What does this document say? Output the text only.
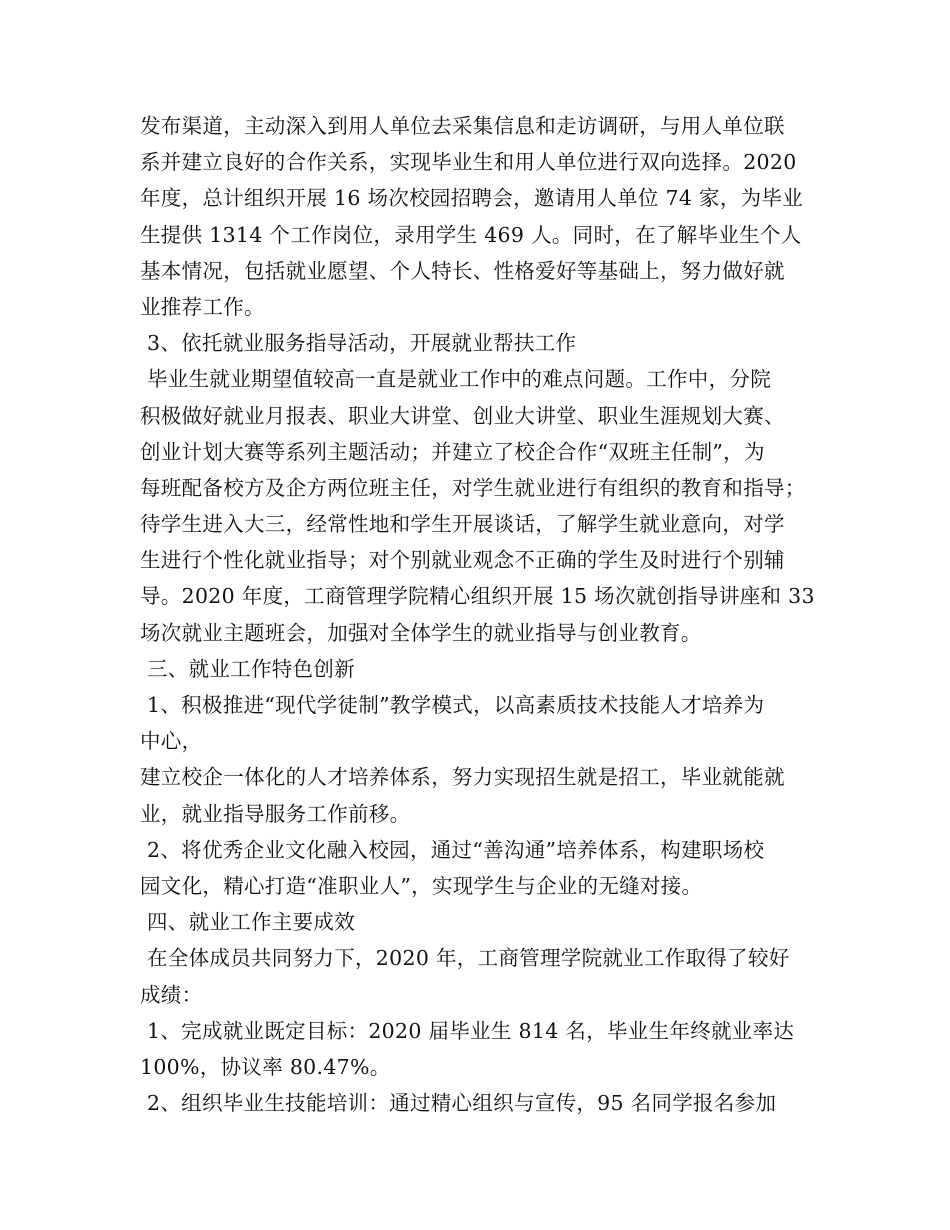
发布渠道，主动深入到用人单位去采集信息和走访调研，与用人单位联
系并建立良好的合作关系，实现毕业生和用人单位进行双向选择。2020
年度，总计组织开展 16 场次校园招聘会，邀请用人单位 74 家，为毕业
生提供 1314 个工作岗位，录用学生 469 人。同时，在了解毕业生个人
基本情况，包括就业愿望、个人特长、性格爱好等基础上，努力做好就
业推荐工作。
3、依托就业服务指导活动，开展就业帮扶工作
毕业生就业期望值较高一直是就业工作中的难点问题。工作中，分院
积极做好就业月报表、职业大讲堂、创业大讲堂、职业生涯规划大赛、
创业计划大赛等系列主题活动；并建立了校企合作“双班主任制”，为
每班配备校方及企方两位班主任，对学生就业进行有组织的教育和指导；
待学生进入大三，经常性地和学生开展谈话，了解学生就业意向，对学
生进行个性化就业指导；对个别就业观念不正确的学生及时进行个别辅
导。2020 年度，工商管理学院精心组织开展 15 场次就创指导讲座和 33
场次就业主题班会，加强对全体学生的就业指导与创业教育。
三、就业工作特色创新
1、积极推进“现代学徒制”教学模式，以高素质技术技能人才培养为
中心，
建立校企一体化的人才培养体系，努力实现招生就是招工，毕业就能就
业，就业指导服务工作前移。
2、将优秀企业文化融入校园，通过“善沟通”培养体系，构建职场校
园文化，精心打造“准职业人”，实现学生与企业的无缝对接。
四、就业工作主要成效
在全体成员共同努力下，2020 年，工商管理学院就业工作取得了较好
成绩：
1、完成就业既定目标：2020 届毕业生 814 名，毕业生年终就业率达
100%，协议率 80.47%。
2、组织毕业生技能培训：通过精心组织与宣传，95 名同学报名参加
